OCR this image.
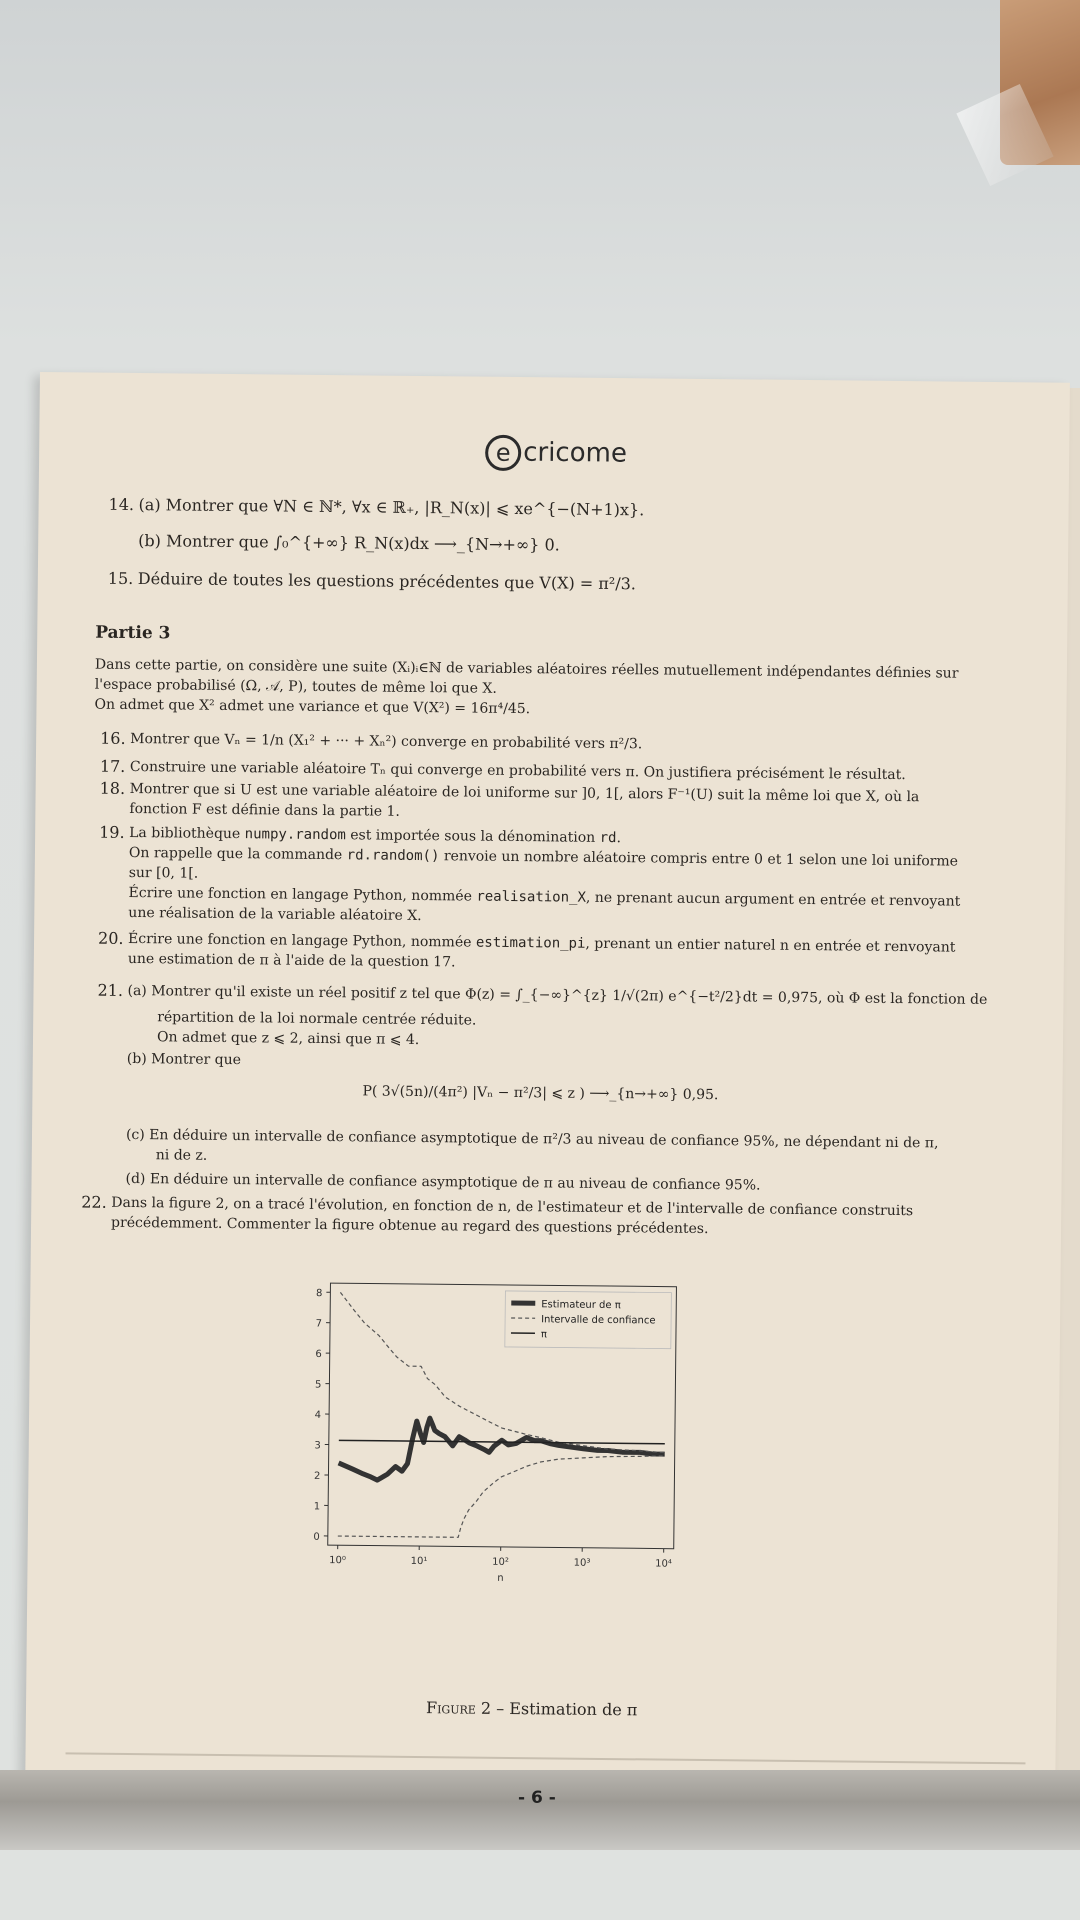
e cricome
14. (a) Montrer que ∀N ∈ ℕ*, ∀x ∈ ℝ₊, |R_N(x)| ⩽ xe^{−(N+1)x}.
(b) Montrer que ∫₀^{+∞} R_N(x)dx ⟶_{N→+∞} 0.
15. Déduire de toutes les questions précédentes que V(X) = π²/3.
Partie 3
Dans cette partie, on considère une suite (Xᵢ)ᵢ∈ℕ de variables aléatoires réelles mutuellement indépendantes définies sur
l'espace probabilisé (Ω, 𝒜, P), toutes de même loi que X.
On admet que X² admet une variance et que V(X²) = 16π⁴/45.
16. Montrer que Vₙ = 1/n (X₁² + ··· + Xₙ²) converge en probabilité vers π²/3.
17. Construire une variable aléatoire Tₙ qui converge en probabilité vers π. On justifiera précisément le résultat.
18. Montrer que si U est une variable aléatoire de loi uniforme sur ]0, 1[, alors F⁻¹(U) suit la même loi que X, où la
fonction F est définie dans la partie 1.
19. La bibliothèque numpy.random est importée sous la dénomination rd.
On rappelle que la commande rd.random() renvoie un nombre aléatoire compris entre 0 et 1 selon une loi uniforme
sur [0, 1[.
Écrire une fonction en langage Python, nommée realisation_X, ne prenant aucun argument en entrée et renvoyant
une réalisation de la variable aléatoire X.
20. Écrire une fonction en langage Python, nommée estimation_pi, prenant un entier naturel n en entrée et renvoyant
une estimation de π à l'aide de la question 17.
21. (a) Montrer qu'il existe un réel positif z tel que Φ(z) = ∫_{−∞}^{z} 1/√(2π) e^{−t²/2}dt = 0,975, où Φ est la fonction de
répartition de la loi normale centrée réduite.
On admet que z ⩽ 2, ainsi que π ⩽ 4.
(b) Montrer que
P( 3√(5n)/(4π²) |Vₙ − π²/3| ⩽ z ) ⟶_{n→+∞} 0,95.
(c) En déduire un intervalle de confiance asymptotique de π²/3 au niveau de confiance 95%, ne dépendant ni de π,
ni de z.
(d) En déduire un intervalle de confiance asymptotique de π au niveau de confiance 95%.
22. Dans la figure 2, on a tracé l'évolution, en fonction de n, de l'estimateur et de l'intervalle de confiance construits
précédemment. Commenter la figure obtenue au regard des questions précédentes.
0
1
2
3
4
5
6
7
8
10⁰	10¹	10²	10³	10⁴
n
Estimateur de π
Intervalle de confiance
π
Figure 2 – Estimation de π
- 6 -
